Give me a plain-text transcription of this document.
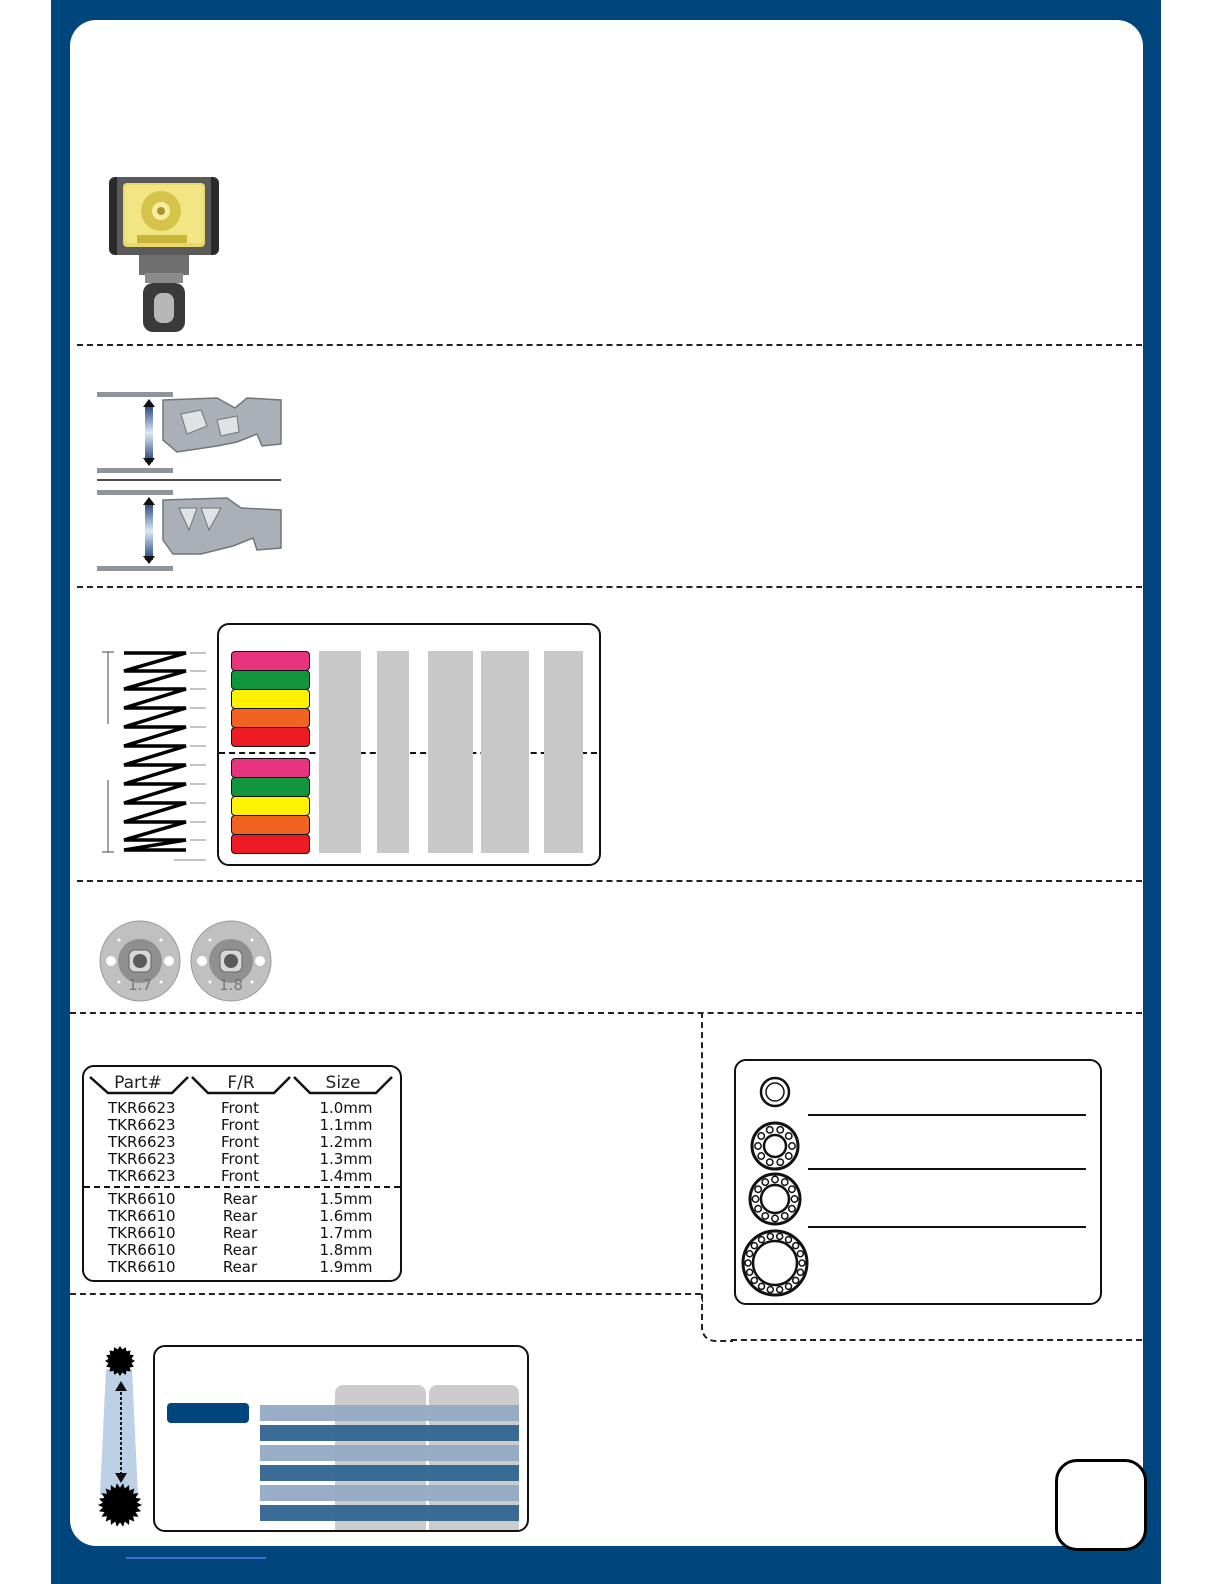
1.7	1.8
Part#	F/R	Size
TKR6623	Front	1.0mm
TKR6623	Front	1.1mm
TKR6623	Front	1.2mm
TKR6623	Front	1.3mm
TKR6623	Front	1.4mm
TKR6610	Rear	1.5mm
TKR6610	Rear	1.6mm
TKR6610	Rear	1.7mm
TKR6610	Rear	1.8mm
TKR6610	Rear	1.9mm
